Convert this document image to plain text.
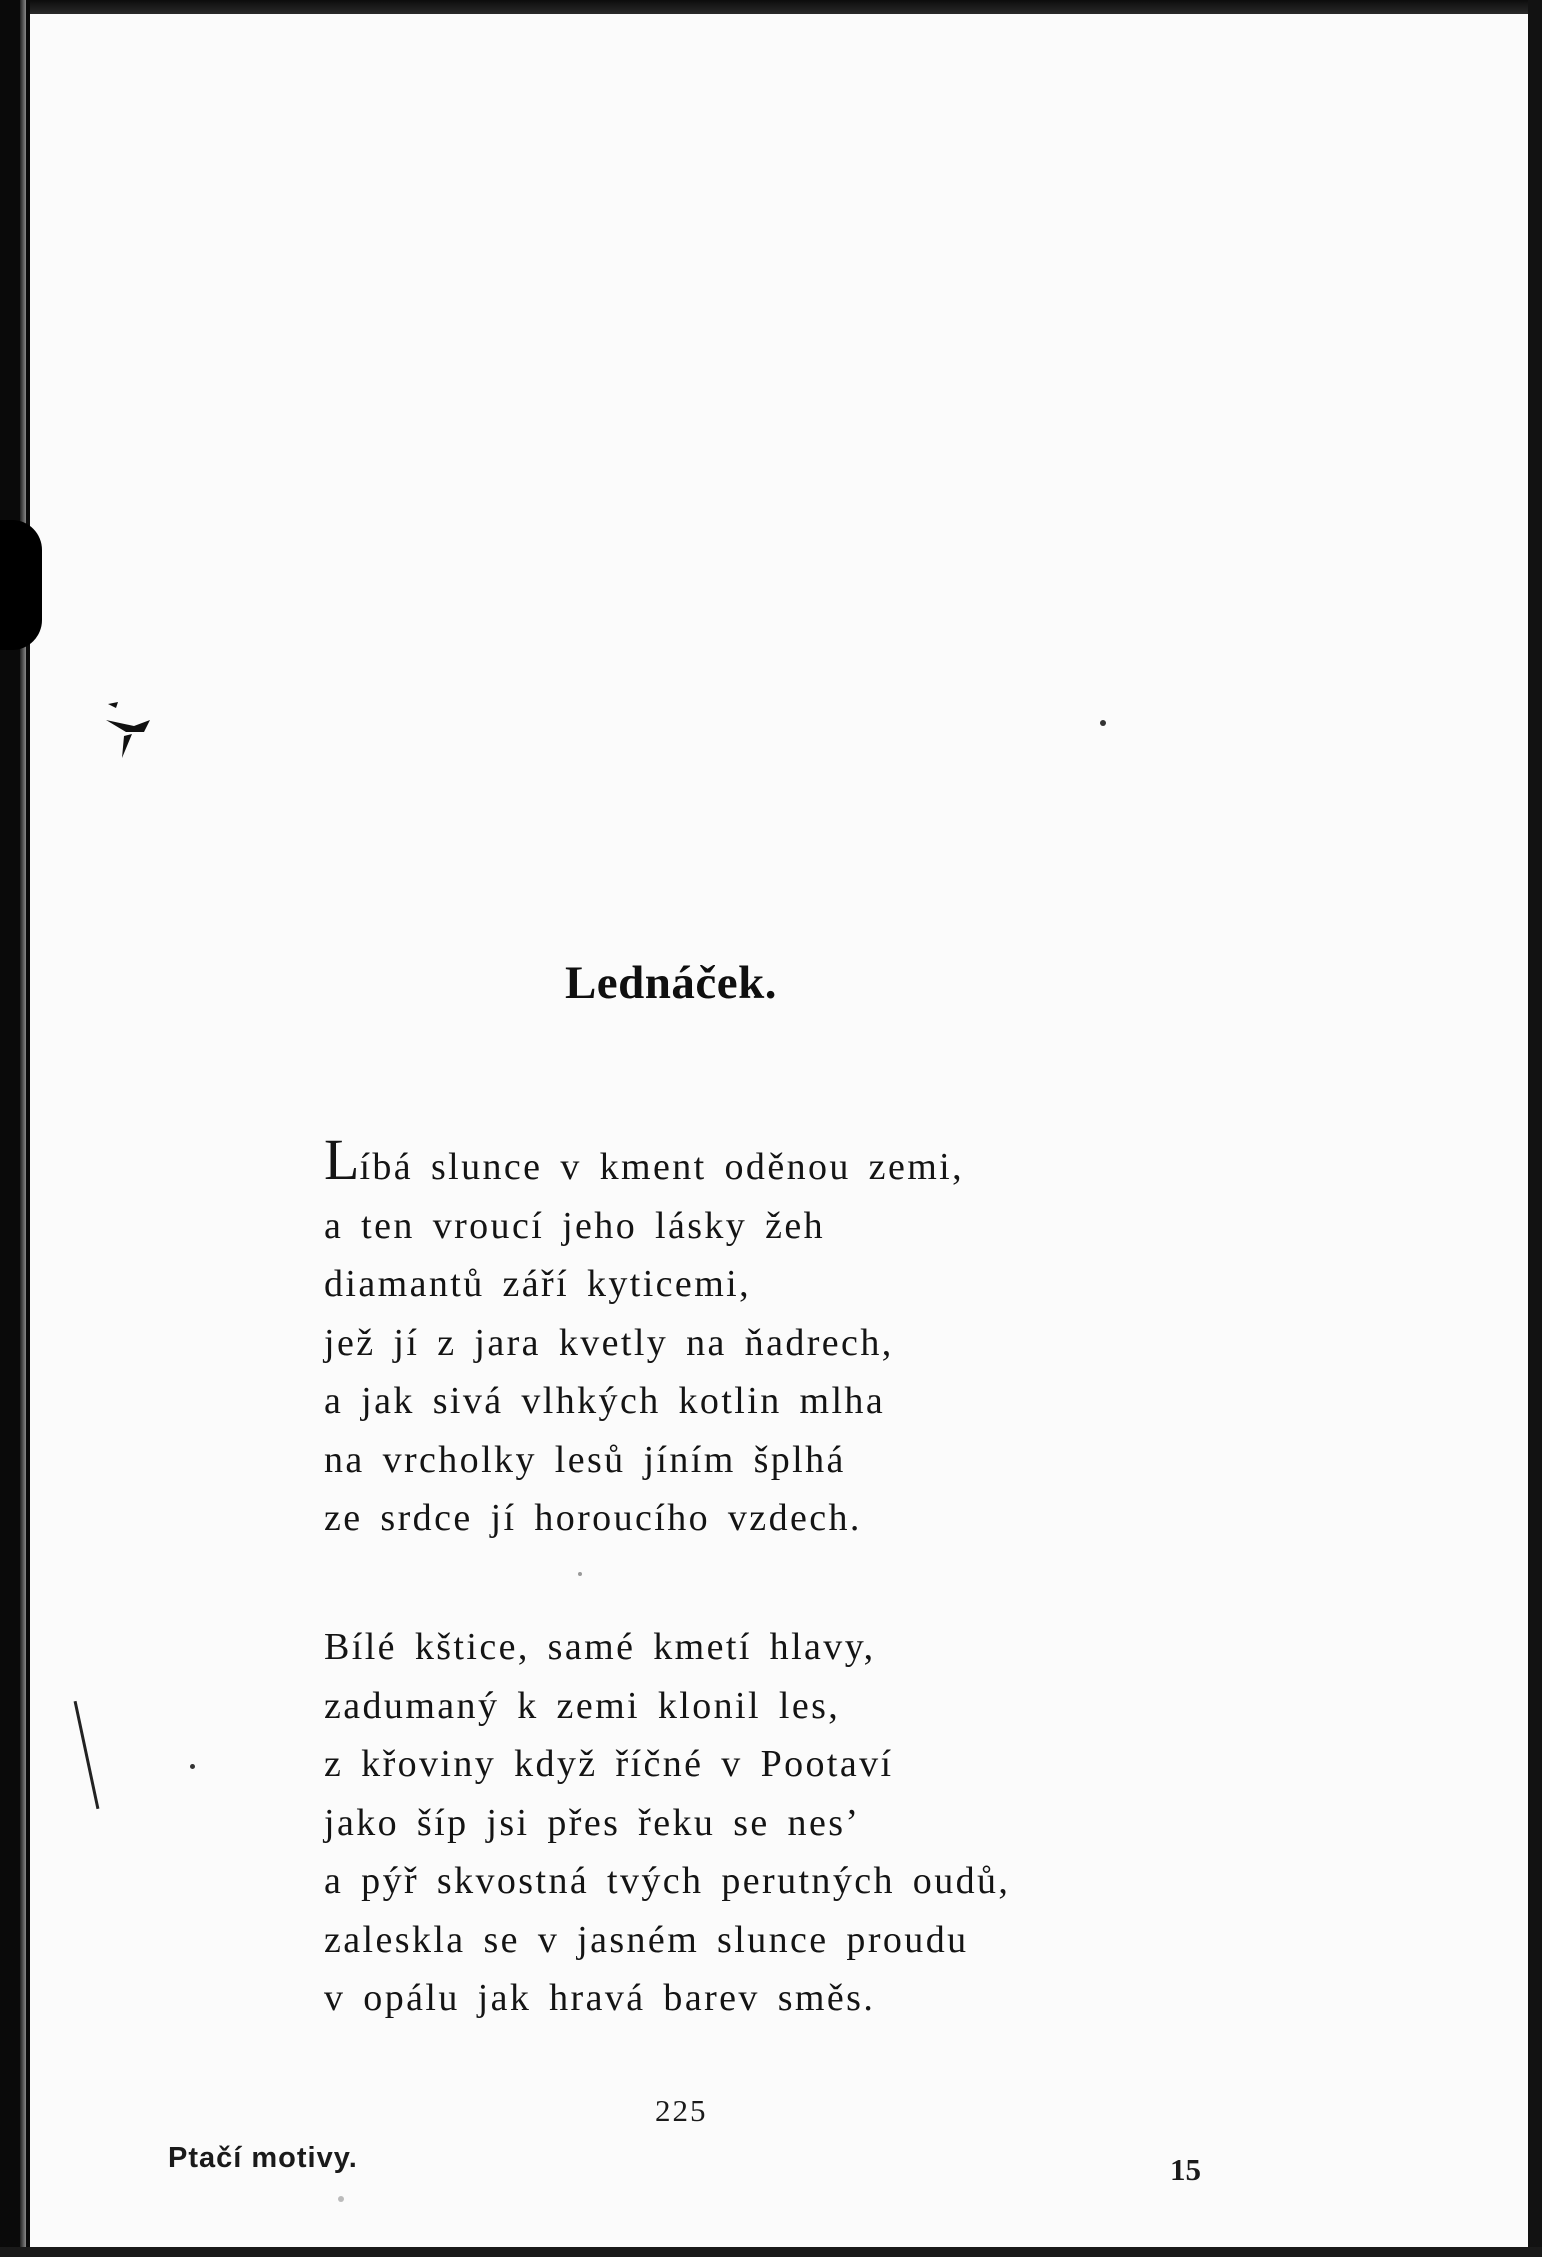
Lednáček.
Líbá slunce v kment oděnou zemi,
a ten vroucí jeho lásky žeh
diamantů září kyticemi,
jež jí z jara kvetly na ňadrech,
a jak sivá vlhkých kotlin mlha
na vrcholky lesů jíním šplhá
ze srdce jí horoucího vzdech.
Bílé kštice, samé kmetí hlavy,
zadumaný k zemi klonil les,
z křoviny když říčné v Pootaví
jako šíp jsi přes řeku se nes’
a pýř skvostná tvých perutných oudů,
zaleskla se v jasném slunce proudu
v opálu jak hravá barev směs.
225
Ptačí motivy.	15
